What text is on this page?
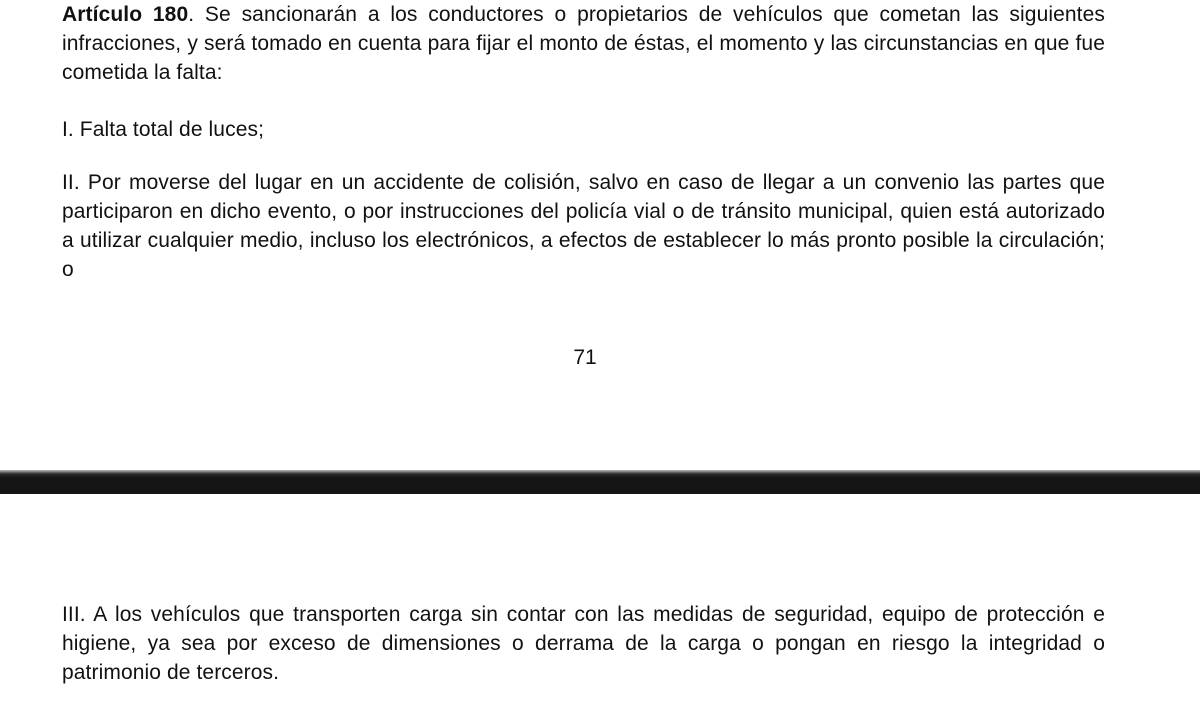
Artículo 180. Se sancionarán a los conductores o propietarios de vehículos que cometan las siguientes infracciones, y será tomado en cuenta para fijar el monto de éstas, el momento y las circunstancias en que fue cometida la falta:

I. Falta total de luces;

II. Por moverse del lugar en un accidente de colisión, salvo en caso de llegar a un convenio las partes que participaron en dicho evento, o por instrucciones del policía vial o de tránsito municipal, quien está autorizado a utilizar cualquier medio, incluso los electrónicos, a efectos de establecer lo más pronto posible la circulación; o

71

III. A los vehículos que transporten carga sin contar con las medidas de seguridad, equipo de protección e higiene, ya sea por exceso de dimensiones o derrama de la carga o pongan en riesgo la integridad o patrimonio de terceros.
